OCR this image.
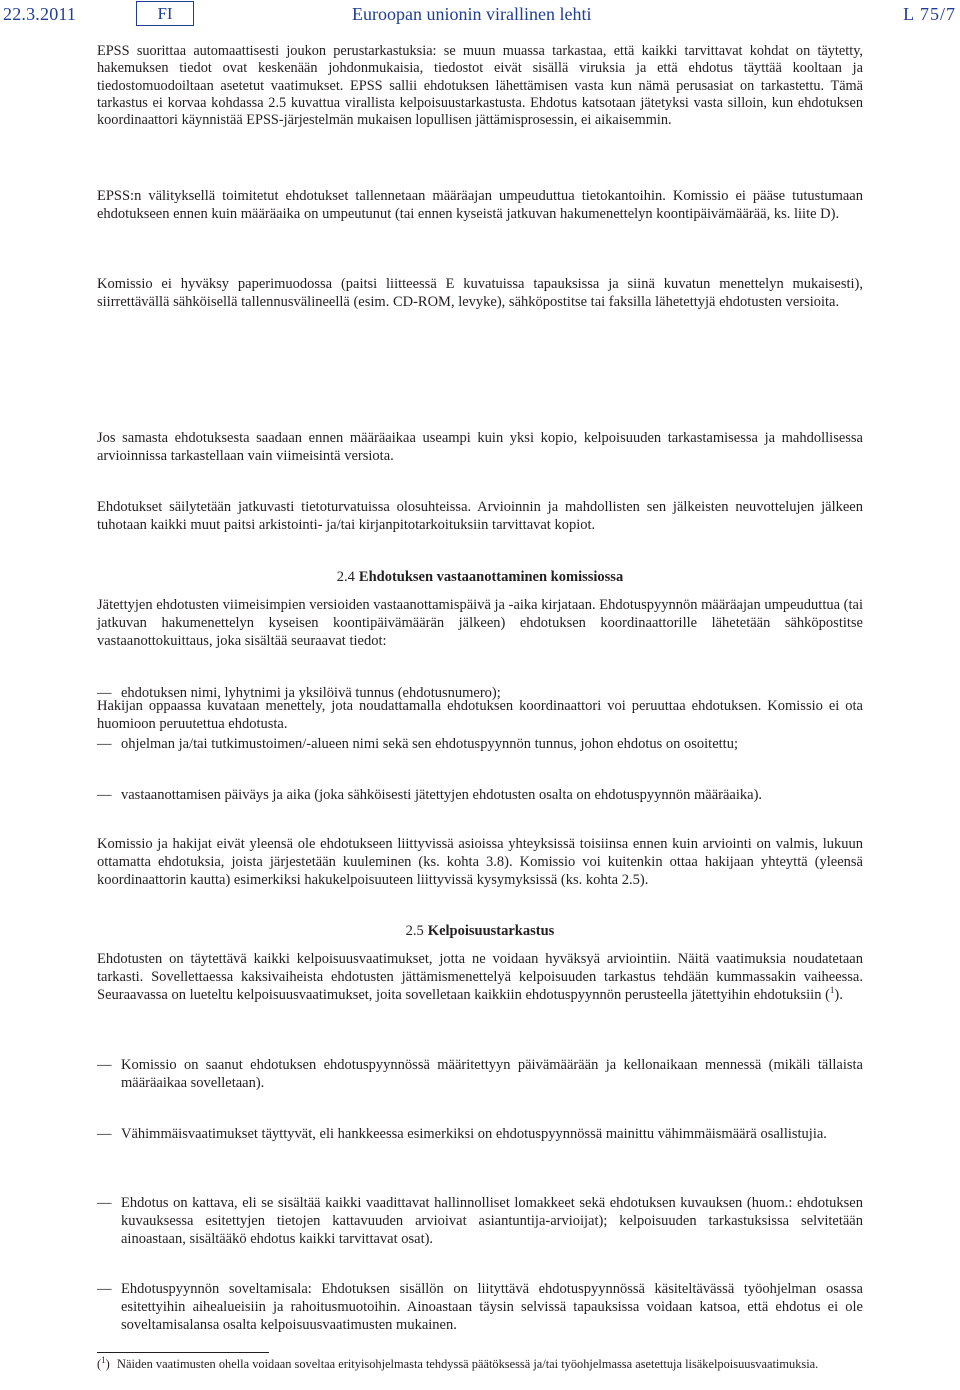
22.3.2011	FI	Euroopan unionin virallinen lehti	L 75/7

EPSS suorittaa automaattisesti joukon perustarkastuksia: se muun muassa tarkastaa, että kaikki tarvittavat kohdat on täytetty, hakemuksen tiedot ovat keskenään johdonmukaisia, tiedostot eivät sisällä viruksia ja että ehdotus täyttää kooltaan ja tiedostomuodoiltaan asetetut vaatimukset. EPSS sallii ehdotuksen lähettämisen vasta kun nämä perusasiat on tarkastettu. Tämä tarkastus ei korvaa kohdassa 2.5 kuvattua virallista kelpoisuustarkastusta. Ehdotus katsotaan jätetyksi vasta silloin, kun ehdotuksen koordinaattori käynnistää EPSS-järjestelmän mukaisen lopullisen jättämisprosessin, ei aikaisemmin.

EPSS:n välityksellä toimitetut ehdotukset tallennetaan määräajan umpeuduttua tietokantoihin. Komissio ei pääse tutustumaan ehdotukseen ennen kuin määräaika on umpeutunut (tai ennen kyseistä jatkuvan hakumenettelyn koontipäivämäärää, ks. liite D).

Komissio ei hyväksy paperimuodossa (paitsi liitteessä E kuvatuissa tapauksissa ja siinä kuvatun menettelyn mukaisesti), siirrettävällä sähköisellä tallennusvälineellä (esim. CD-ROM, levyke), sähköpostitse tai faksilla lähetettyjä ehdotusten versioita.

Hakijan oppaassa kuvataan menettely, jota noudattamalla ehdotuksen koordinaattori voi peruuttaa ehdotuksen. Komissio ei ota huomioon peruutettua ehdotusta.

Jos samasta ehdotuksesta saadaan ennen määräaikaa useampi kuin yksi kopio, kelpoisuuden tarkastamisessa ja mahdollisessa arvioinnissa tarkastellaan vain viimeisintä versiota.

Ehdotukset säilytetään jatkuvasti tietoturvatuissa olosuhteissa. Arvioinnin ja mahdollisten sen jälkeisten neuvottelujen jälkeen tuhotaan kaikki muut paitsi arkistointi- ja/tai kirjanpitotarkoituksiin tarvittavat kopiot.

2.4 Ehdotuksen vastaanottaminen komissiossa

Jätettyjen ehdotusten viimeisimpien versioiden vastaanottamispäivä ja -aika kirjataan. Ehdotuspyynnön määräajan umpeuduttua (tai jatkuvan hakumenettelyn kyseisen koontipäivämäärän jälkeen) ehdotuksen koordinaattorille lähetetään sähköpostitse vastaanottokuittaus, joka sisältää seuraavat tiedot:

— ehdotuksen nimi, lyhytnimi ja yksilöivä tunnus (ehdotusnumero);
— ohjelman ja/tai tutkimustoimen/-alueen nimi sekä sen ehdotuspyynnön tunnus, johon ehdotus on osoitettu;
— vastaanottamisen päiväys ja aika (joka sähköisesti jätettyjen ehdotusten osalta on ehdotuspyynnön määräaika).

Komissio ja hakijat eivät yleensä ole ehdotukseen liittyvissä asioissa yhteyksissä toisiinsa ennen kuin arviointi on valmis, lukuun ottamatta ehdotuksia, joista järjestetään kuuleminen (ks. kohta 3.8). Komissio voi kuitenkin ottaa hakijaan yhteyttä (yleensä koordinaattorin kautta) esimerkiksi hakukelpoisuuteen liittyvissä kysymyksissä (ks. kohta 2.5).

2.5 Kelpoisuustarkastus

Ehdotusten on täytettävä kaikki kelpoisuusvaatimukset, jotta ne voidaan hyväksyä arviointiin. Näitä vaatimuksia noudatetaan tarkasti. Sovellettaessa kaksivaiheista ehdotusten jättämismenettelyä kelpoisuuden tarkastus tehdään kummassakin vaiheessa. Seuraavassa on lueteltu kelpoisuusvaatimukset, joita sovelletaan kaikkiin ehdotuspyynnön perusteella jätettyihin ehdotuksiin ($^1$).

— Komissio on saanut ehdotuksen ehdotuspyynnössä määritettyyn päivämäärään ja kellonaikaan mennessä (mikäli tällaista määräaikaa sovelletaan).
— Vähimmäisvaatimukset täyttyvät, eli hankkeessa esimerkiksi on ehdotuspyynnössä mainittu vähimmäismäärä osallistujia.
— Ehdotus on kattava, eli se sisältää kaikki vaadittavat hallinnolliset lomakkeet sekä ehdotuksen kuvauksen (huom.: ehdotuksen kuvauksessa esitettyjen tietojen kattavuuden arvioivat asiantuntija-arvioijat); kelpoisuuden tarkastuksissa selvitetään ainoastaan, sisältääkö ehdotus kaikki tarvittavat osat).
— Ehdotuspyynnön soveltamisala: Ehdotuksen sisällön on liityttävä ehdotuspyynnössä käsiteltävässä työohjelman osassa esitettyihin aihealueisiin ja rahoitusmuotoihin. Ainoastaan täysin selvissä tapauksissa voidaan katsoa, että ehdotus ei ole soveltamisalansa osalta kelpoisuusvaatimusten mukainen.
($^1$) Näiden vaatimusten ohella voidaan soveltaa erityisohjelmasta tehdyssä päätöksessä ja/tai työohjelmassa asetettuja lisäkelpoisuusvaatimuksia.
